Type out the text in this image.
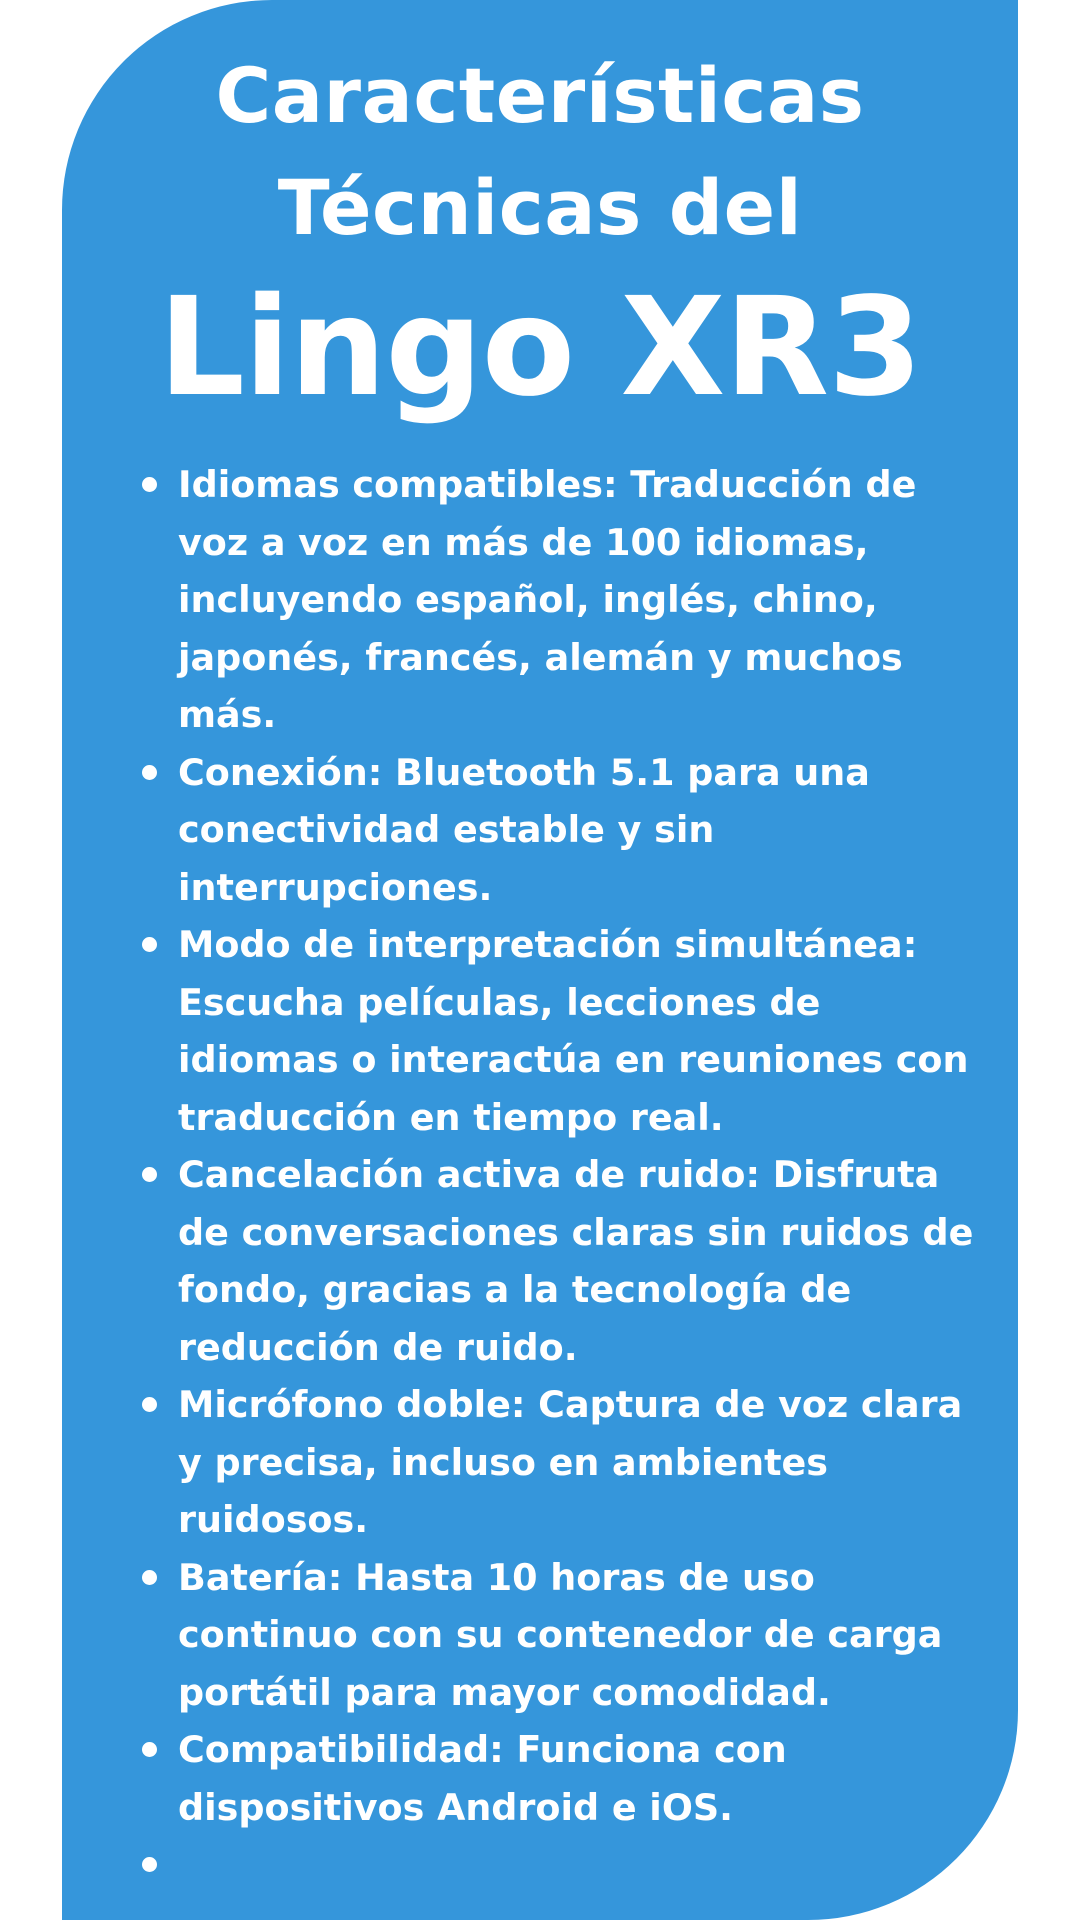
Características
Técnicas del
Lingo XR3
Idiomas compatibles: Traducción de voz a voz en más de 100 idiomas, incluyendo español, inglés, chino, japonés, francés, alemán y muchos más.
Conexión: Bluetooth 5.1 para una conectividad estable y sin interrupciones.
Modo de interpretación simultánea: Escucha películas, lecciones de idiomas o interactúa en reuniones con traducción en tiempo real.
Cancelación activa de ruido: Disfruta de conversaciones claras sin ruidos de fondo, gracias a la tecnología de reducción de ruido.
Micrófono doble: Captura de voz clara y precisa, incluso en ambientes ruidosos.
Batería: Hasta 10 horas de uso continuo con su contenedor de carga portátil para mayor comodidad.
Compatibilidad: Funciona con dispositivos Android e iOS.
